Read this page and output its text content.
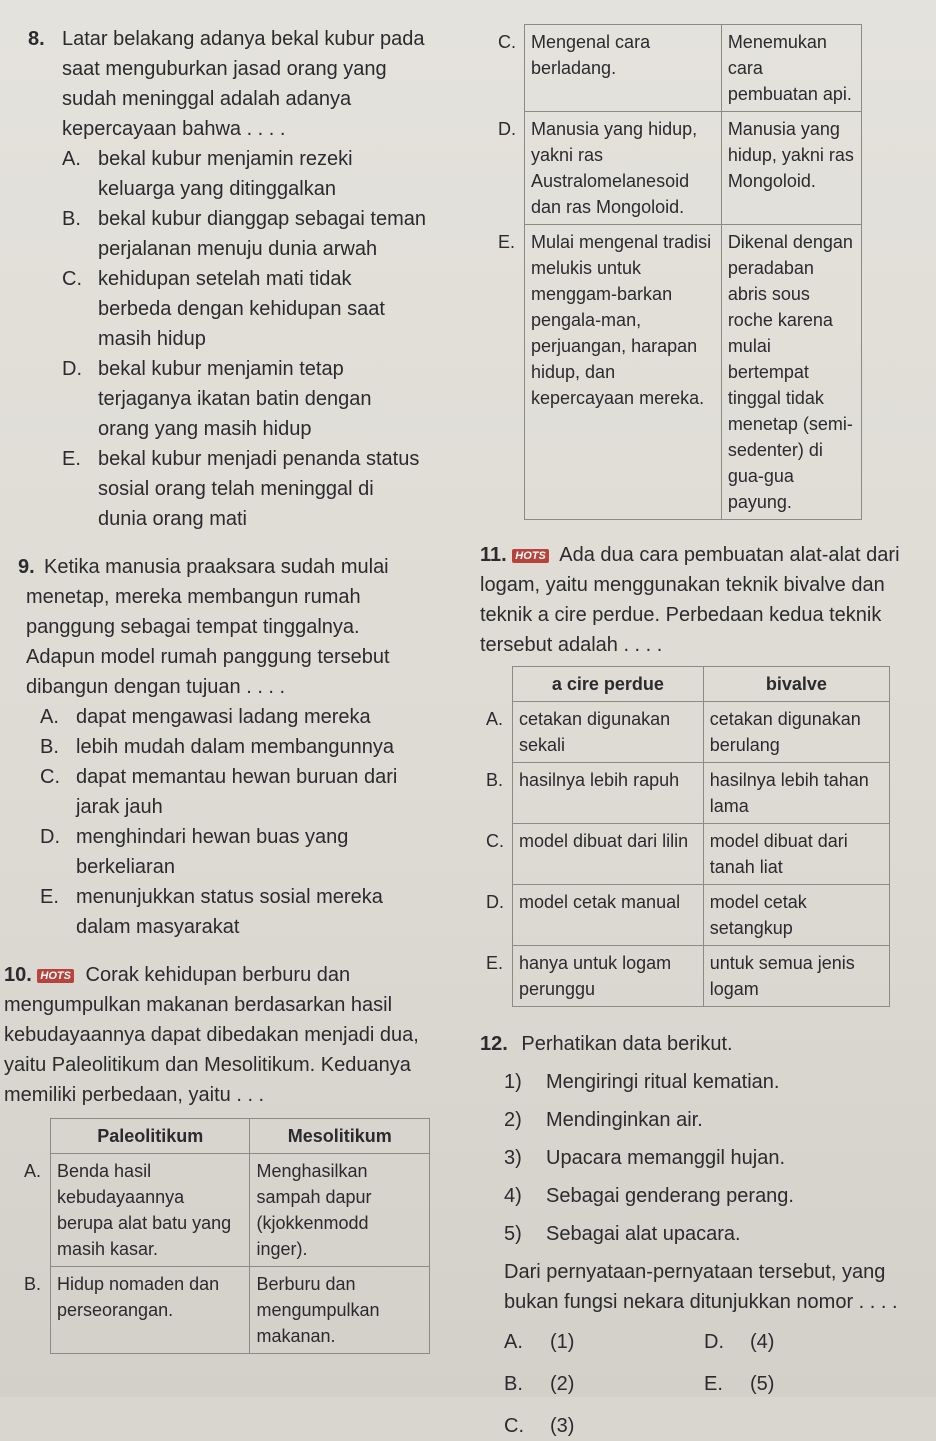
8. Latar belakang adanya bekal kubur pada saat menguburkan jasad orang yang sudah meninggal adalah adanya kepercayaan bahwa . . . .
A. bekal kubur menjamin rezeki keluarga yang ditinggalkan
B. bekal kubur dianggap sebagai teman perjalanan menuju dunia arwah
C. kehidupan setelah mati tidak berbeda dengan kehidupan saat masih hidup
D. bekal kubur menjamin tetap terjaganya ikatan batin dengan orang yang masih hidup
E. bekal kubur menjadi penanda status sosial orang telah meninggal di dunia orang mati
9. Ketika manusia praaksara sudah mulai menetap, mereka membangun rumah panggung sebagai tempat tinggalnya. Adapun model rumah panggung tersebut dibangun dengan tujuan . . . .
A. dapat mengawasi ladang mereka
B. lebih mudah dalam membangunnya
C. dapat memantau hewan buruan dari jarak jauh
D. menghindari hewan buas yang berkeliaran
E. menunjukkan status sosial mereka dalam masyarakat
10. HOTS Corak kehidupan berburu dan mengumpulkan makanan berdasarkan hasil kebudayaannya dapat dibedakan menjadi dua, yaitu Paleolitikum dan Mesolitikum. Keduanya memiliki perbedaan, yaitu . . .
	Paleolitikum	Mesolitikum
A.	Benda hasil kebudayaannya berupa alat batu yang masih kasar.	Menghasilkan sampah dapur (kjokkenmodd inger).
B.	Hidup nomaden dan perseorangan.	Berburu dan mengumpulkan makanan.
C.	Mengenal cara berladang.	Menemukan cara pembuatan api.
D.	Manusia yang hidup, yakni ras Australomelanesoid dan ras Mongoloid.	Manusia yang hidup, yakni ras Mongoloid.
E.	Mulai mengenal tradisi melukis untuk menggam-barkan pengala-man, perjuangan, harapan hidup, dan kepercayaan mereka.	Dikenal dengan peradaban abris sous roche karena mulai bertempat tinggal tidak menetap (semi-sedenter) di gua-gua payung.
11. HOTS Ada dua cara pembuatan alat-alat dari logam, yaitu menggunakan teknik bivalve dan teknik a cire perdue. Perbedaan kedua teknik tersebut adalah . . . .
	a cire perdue	bivalve
A.	cetakan digunakan sekali	cetakan digunakan berulang
B.	hasilnya lebih rapuh	hasilnya lebih tahan lama
C.	model dibuat dari lilin	model dibuat dari tanah liat
D.	model cetak manual	model cetak setangkup
E.	hanya untuk logam perunggu	untuk semua jenis logam
12. Perhatikan data berikut.
1) Mengiringi ritual kematian.
2) Mendinginkan air.
3) Upacara memanggil hujan.
4) Sebagai genderang perang.
5) Sebagai alat upacara.
Dari pernyataan-pernyataan tersebut, yang bukan fungsi nekara ditunjukkan nomor . . . .
A. (1)	D. (4)
B. (2)	E. (5)
C. (3)
